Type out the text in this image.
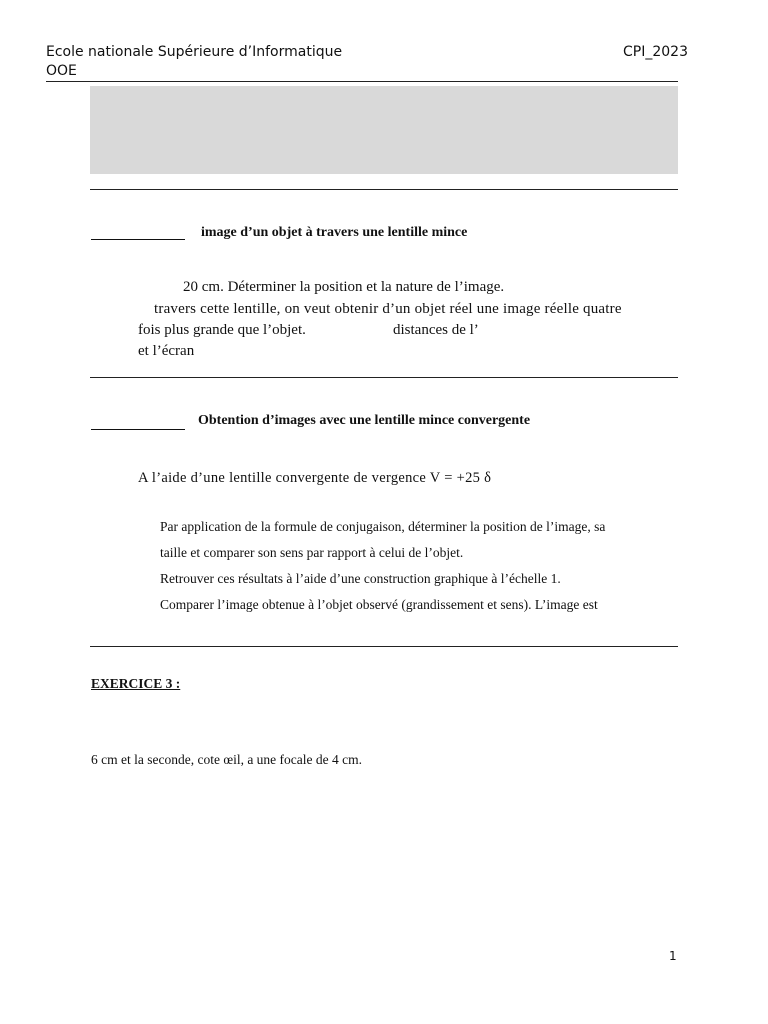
Ecole nationale Supérieure d’Informatique
OOE
CPI_2023
image d’un objet à travers une lentille mince
20 cm. Déterminer la position et la nature de l’image.
travers cette lentille, on veut obtenir d’un objet réel une image réelle quatre
fois plus grande que l’objet.	distances de l’
et l’écran
Obtention d’images avec une lentille mince convergente
A l’aide d’une lentille convergente de vergence V = +25 δ
Par application de la formule de conjugaison, déterminer la position de l’image, sa
taille et comparer son sens par rapport à celui de l’objet.
Retrouver ces résultats à l’aide d’une construction graphique à l’échelle 1.
Comparer l’image obtenue à l’objet observé (grandissement et sens). L’image est
EXERCICE 3 :
6 cm et la seconde, cote œil, a une focale de 4 cm.
1
